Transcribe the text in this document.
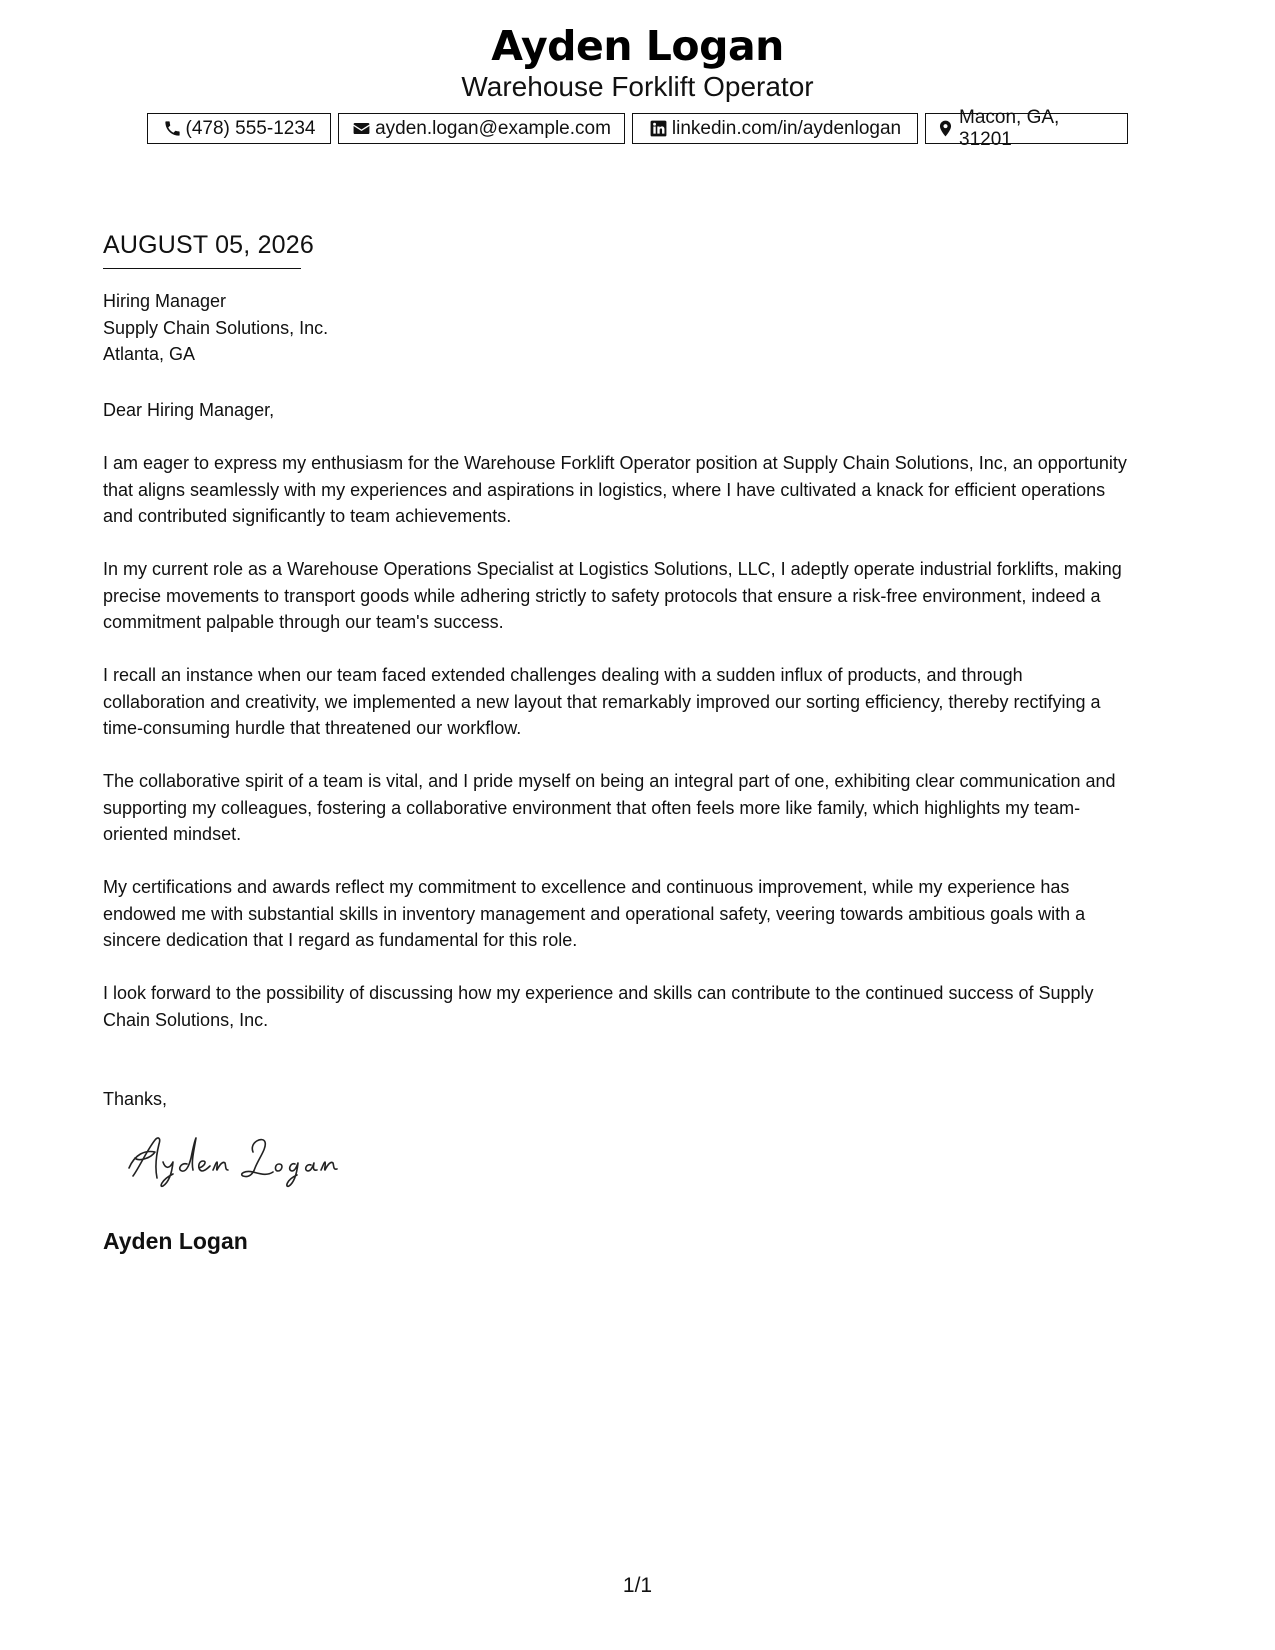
Ayden Logan
Warehouse Forklift Operator
(478) 555-1234	ayden.logan@example.com	linkedin.com/in/aydenlogan
Macon, GA, 31201
AUGUST 05, 2026
Hiring Manager
Supply Chain Solutions, Inc.
Atlanta, GA
Dear Hiring Manager,
I am eager to express my enthusiasm for the Warehouse Forklift Operator position at Supply Chain Solutions, Inc, an opportunity
that aligns seamlessly with my experiences and aspirations in logistics, where I have cultivated a knack for efficient operations
and contributed significantly to team achievements.
In my current role as a Warehouse Operations Specialist at Logistics Solutions, LLC, I adeptly operate industrial forklifts, making
precise movements to transport goods while adhering strictly to safety protocols that ensure a risk-free environment, indeed a
commitment palpable through our team's success.
I recall an instance when our team faced extended challenges dealing with a sudden influx of products, and through
collaboration and creativity, we implemented a new layout that remarkably improved our sorting efficiency, thereby rectifying a
time-consuming hurdle that threatened our workflow.
The collaborative spirit of a team is vital, and I pride myself on being an integral part of one, exhibiting clear communication and
supporting my colleagues, fostering a collaborative environment that often feels more like family, which highlights my team-
oriented mindset.
My certifications and awards reflect my commitment to excellence and continuous improvement, while my experience has
endowed me with substantial skills in inventory management and operational safety, veering towards ambitious goals with a
sincere dedication that I regard as fundamental for this role.
I look forward to the possibility of discussing how my experience and skills can contribute to the continued success of Supply
Chain Solutions, Inc.
Thanks,
Ayden Logan
1/1
